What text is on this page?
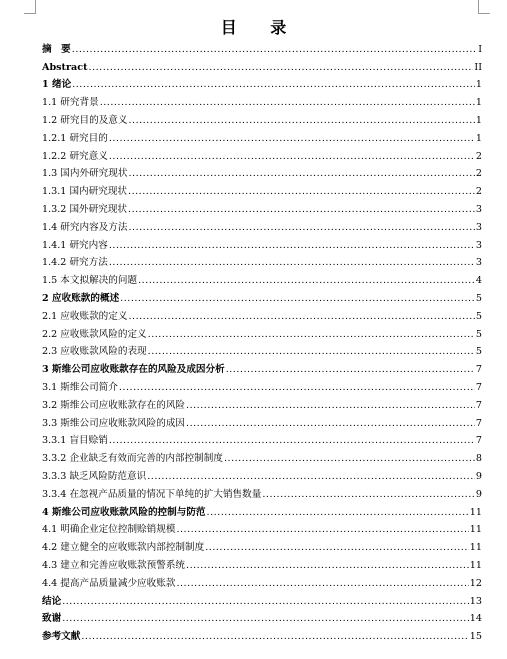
目 录
摘　要 .....	I
Abstract .....	II
1 绪论 .....	1
1.1 研究背景 .....	1
1.2 研究目的及意义 .....	1
1.2.1 研究目的 .....	1
1.2.2 研究意义 .....	2
1.3 国内外研究现状 .....	2
1.3.1 国内研究现状 .....	2
1.3.2 国外研究现状 .....	3
1.4 研究内容及方法 .....	3
1.4.1 研究内容 .....	3
1.4.2 研究方法 .....	3
1.5 本文拟解决的问题 .....	4
2 应收账款的概述 .....	5
2.1 应收账款的定义 .....	5
2.2 应收账款风险的定义 .....	5
2.3 应收账款风险的表现 .....	5
3 斯维公司应收账款存在的风险及成因分析 .....	7
3.1 斯维公司简介 .....	7
3.2 斯维公司应收账款存在的风险 .....	7
3.3 斯维公司应收账款风险的成因 .....	7
3.3.1 盲目赊销 .....	7
3.3.2 企业缺乏有效而完善的内部控制制度 .....	8
3.3.3 缺乏风险防范意识 .....	9
3.3.4 在忽视产品质量的情况下单纯的扩大销售数量 .....	9
4 斯维公司应收账款风险的控制与防范 .....	11
4.1 明确企业定位控制赊销规模 .....	11
4.2 建立健全的应收账款内部控制制度 .....	11
4.3 建立和完善应收账款预警系统 .....	11
4.4 提高产品质量减少应收账款 .....	12
结论 .....	13
致谢 .....	14
参考文献 .....	15
